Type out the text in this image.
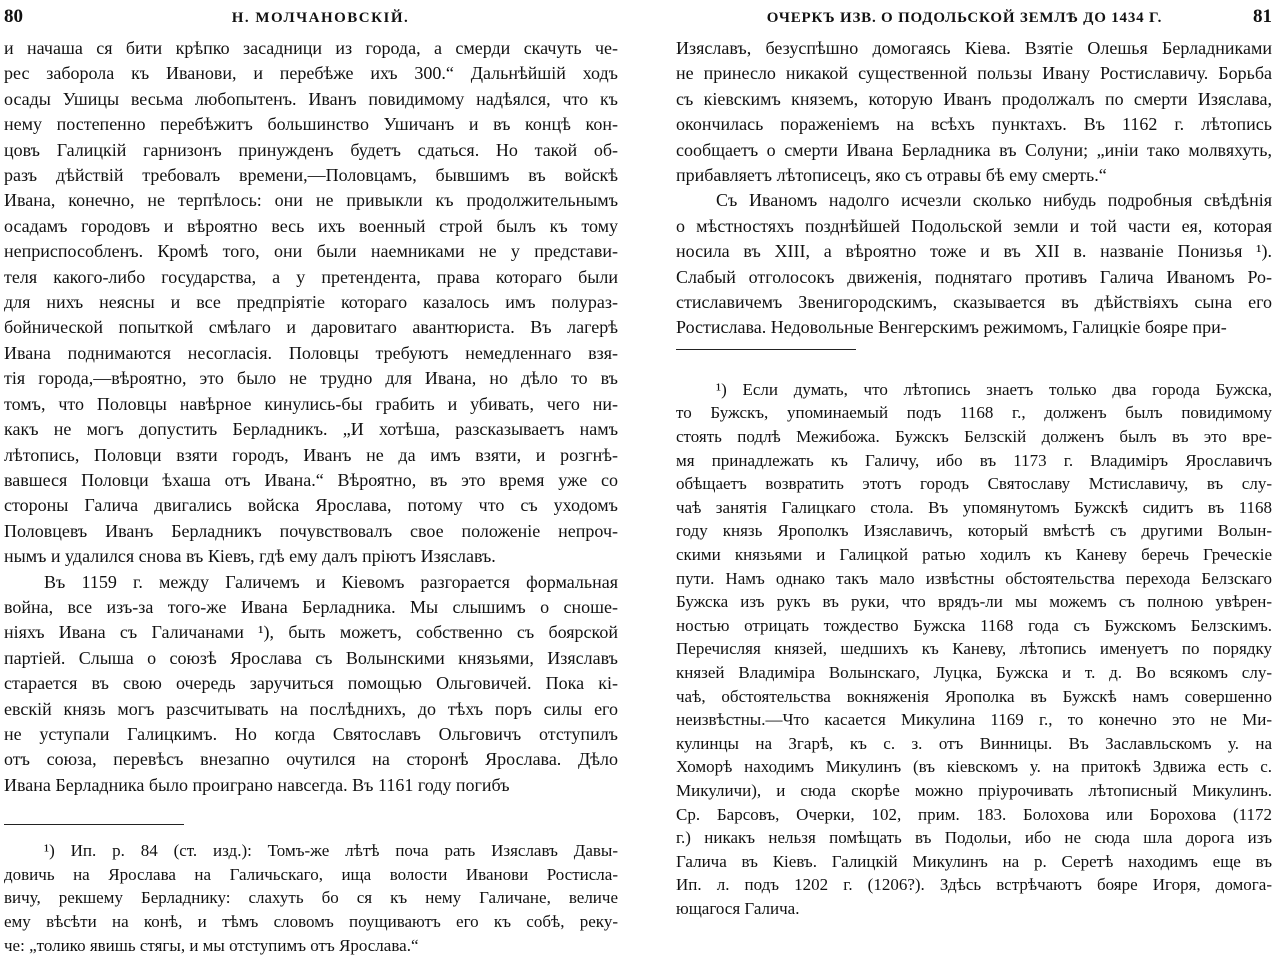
80	Н. МОЛЧАНОВСКІЙ.

и начаша ся бити крѣпко засадници из города, а смерди скачуть че-

рес заборола къ Иванови, и перебѣже ихъ 300.“ Дальнѣйшій ходъ

осады Ушицы весьма любопытенъ. Иванъ повидимому надѣялся, что къ

нему постепенно перебѣжитъ большинство Ушичанъ и въ концѣ кон-

цовъ Галицкій гарнизонъ принужденъ будетъ сдаться. Но такой об-

разъ дѣйствій требовалъ времени,—Половцамъ, бывшимъ въ войскѣ

Ивана, конечно, не терпѣлось: они не привыкли къ продолжительнымъ

осадамъ городовъ и вѣроятно весь ихъ военный строй былъ къ тому

неприспособленъ. Кромѣ того, они были наемниками не у представи-

теля какого-либо государства, а у претендента, права котораго были

для нихъ неясны и все предпріятіе котораго казалось имъ полураз-

бойнической попыткой смѣлаго и даровитаго авантюриста. Въ лагерѣ

Ивана поднимаются несогласія. Половцы требуютъ немедленнаго взя-

тія города,—вѣроятно, это было не трудно для Ивана, но дѣло то въ

томъ, что Половцы навѣрное кинулись-бы грабить и убивать, чего ни-

какъ не могъ допустить Берладникъ. „И хотѣша, разсказываетъ намъ

лѣтопись, Половци взяти городъ, Иванъ не да имъ взяти, и розгнѣ-

вавшеся Половци ѣхаша отъ Ивана.“ Вѣроятно, въ это время уже со

стороны Галича двигались войска Ярослава, потому что съ уходомъ

Половцевъ Иванъ Берладникъ почувствовалъ свое положеніе непроч-

нымъ и удалился снова въ Кіевъ, гдѣ ему далъ пріютъ Изяславъ.

Въ 1159 г. между Галичемъ и Кіевомъ разгорается формальная

война, все изъ-за того-же Ивана Берладника. Мы слышимъ о сноше-

ніяхъ Ивана съ Галичанами ¹), быть можетъ, собственно съ боярской

партіей. Слыша о союзѣ Ярослава съ Волынскими князьями, Изяславъ

старается въ свою очередь заручиться помощью Ольговичей. Пока кі-

евскій князь могъ разсчитывать на послѣднихъ, до тѣхъ поръ силы его

не уступали Галицкимъ. Но когда Святославъ Ольговичъ отступилъ

отъ союза, перевѣсъ внезапно очутился на сторонѣ Ярослава. Дѣло

Ивана Берладника было проиграно навсегда. Въ 1161 году погибъ

¹) Ип. р. 84 (ст. изд.): Томъ-же лѣтѣ поча рать Изяславъ Давы-

довичь на Ярослава на Галичьскаго, ища волости Иванови Ростисла-

вичу, рекшему Берладнику: слахуть бо ся къ нему Галичане, величе

ему вѣсѣти на конѣ, и тѣмъ словомъ поущиваютъ его къ собѣ, реку-

че: „толико явишь стягы, и мы отступимъ отъ Ярослава.“

ОЧЕРКЪ ИЗВ. О ПОДОЛЬСКОЙ ЗЕМЛѢ ДО 1434 Г.	81

Изяславъ, безуспѣшно домогаясь Кіева. Взятіе Олешья Берладниками

не принесло никакой существенной пользы Ивану Ростиславичу. Борьба

съ кіевскимъ княземъ, которую Иванъ продолжалъ по смерти Изяслава,

окончилась пораженіемъ на всѣхъ пунктахъ. Въ 1162 г. лѣтопись

сообщаетъ о смерти Ивана Берладника въ Солуни; „иніи тако молвяхуть,

прибавляетъ лѣтописецъ, яко съ отравы бѣ ему смерть.“

Съ Иваномъ надолго исчезли сколько нибудь подробныя свѣдѣнія

о мѣстностяхъ позднѣйшей Подольской земли и той части ея, которая

носила въ XIII, а вѣроятно тоже и въ XII в. названіе Понизья ¹).

Слабый отголосокъ движенія, поднятаго противъ Галича Иваномъ Ро-

стиславичемъ Звенигородскимъ, сказывается въ дѣйствіяхъ сына его

Ростислава. Недовольные Венгерскимъ режимомъ, Галицкіе бояре при-

¹) Если думать, что лѣтопись знаетъ только два города Бужска,

то Бужскъ, упоминаемый подъ 1168 г., долженъ былъ повидимому

стоять подлѣ Межибожа. Бужскъ Белзскій долженъ былъ въ это вре-

мя принадлежать къ Галичу, ибо въ 1173 г. Владиміръ Ярославичъ

обѣщаетъ возвратить этотъ городъ Святославу Мстиславичу, въ слу-

чаѣ занятія Галицкаго стола. Въ упомянутомъ Бужскѣ сидитъ въ 1168

году князь Ярополкъ Изяславичъ, который вмѣстѣ съ другими Волын-

скими князьями и Галицкой ратью ходилъ къ Каневу беречь Греческіе

пути. Намъ однако такъ мало извѣстны обстоятельства перехода Белзскаго

Бужска изъ рукъ въ руки, что врядъ-ли мы можемъ съ полною увѣрен-

ностью отрицать тождество Бужска 1168 года съ Бужскомъ Белзскимъ.

Перечисляя князей, шедшихъ къ Каневу, лѣтопись именуетъ по порядку

князей Владиміра Волынскаго, Луцка, Бужска и т. д. Во всякомъ слу-

чаѣ, обстоятельства вокняженія Ярополка въ Бужскѣ намъ совершенно

неизвѣстны.—Что касается Микулина 1169 г., то конечно это не Ми-

кулинцы на Згарѣ, къ с. з. отъ Винницы. Въ Заславльскомъ у. на

Хоморѣ находимъ Микулинъ (въ кіевскомъ у. на притокѣ Здвижа есть с.

Микуличи), и сюда скорѣе можно пріурочивать лѣтописный Микулинъ.

Ср. Барсовъ, Очерки, 102, прим. 183. Болохова или Борохова (1172

г.) никакъ нельзя помѣщать въ Подольи, ибо не сюда шла дорога изъ

Галича въ Кіевъ. Галицкій Микулинъ на р. Серетѣ находимъ еще въ

Ип. л. подъ 1202 г. (1206?). Здѣсь встрѣчаютъ бояре Игоря, домога-

ющагося Галича.
